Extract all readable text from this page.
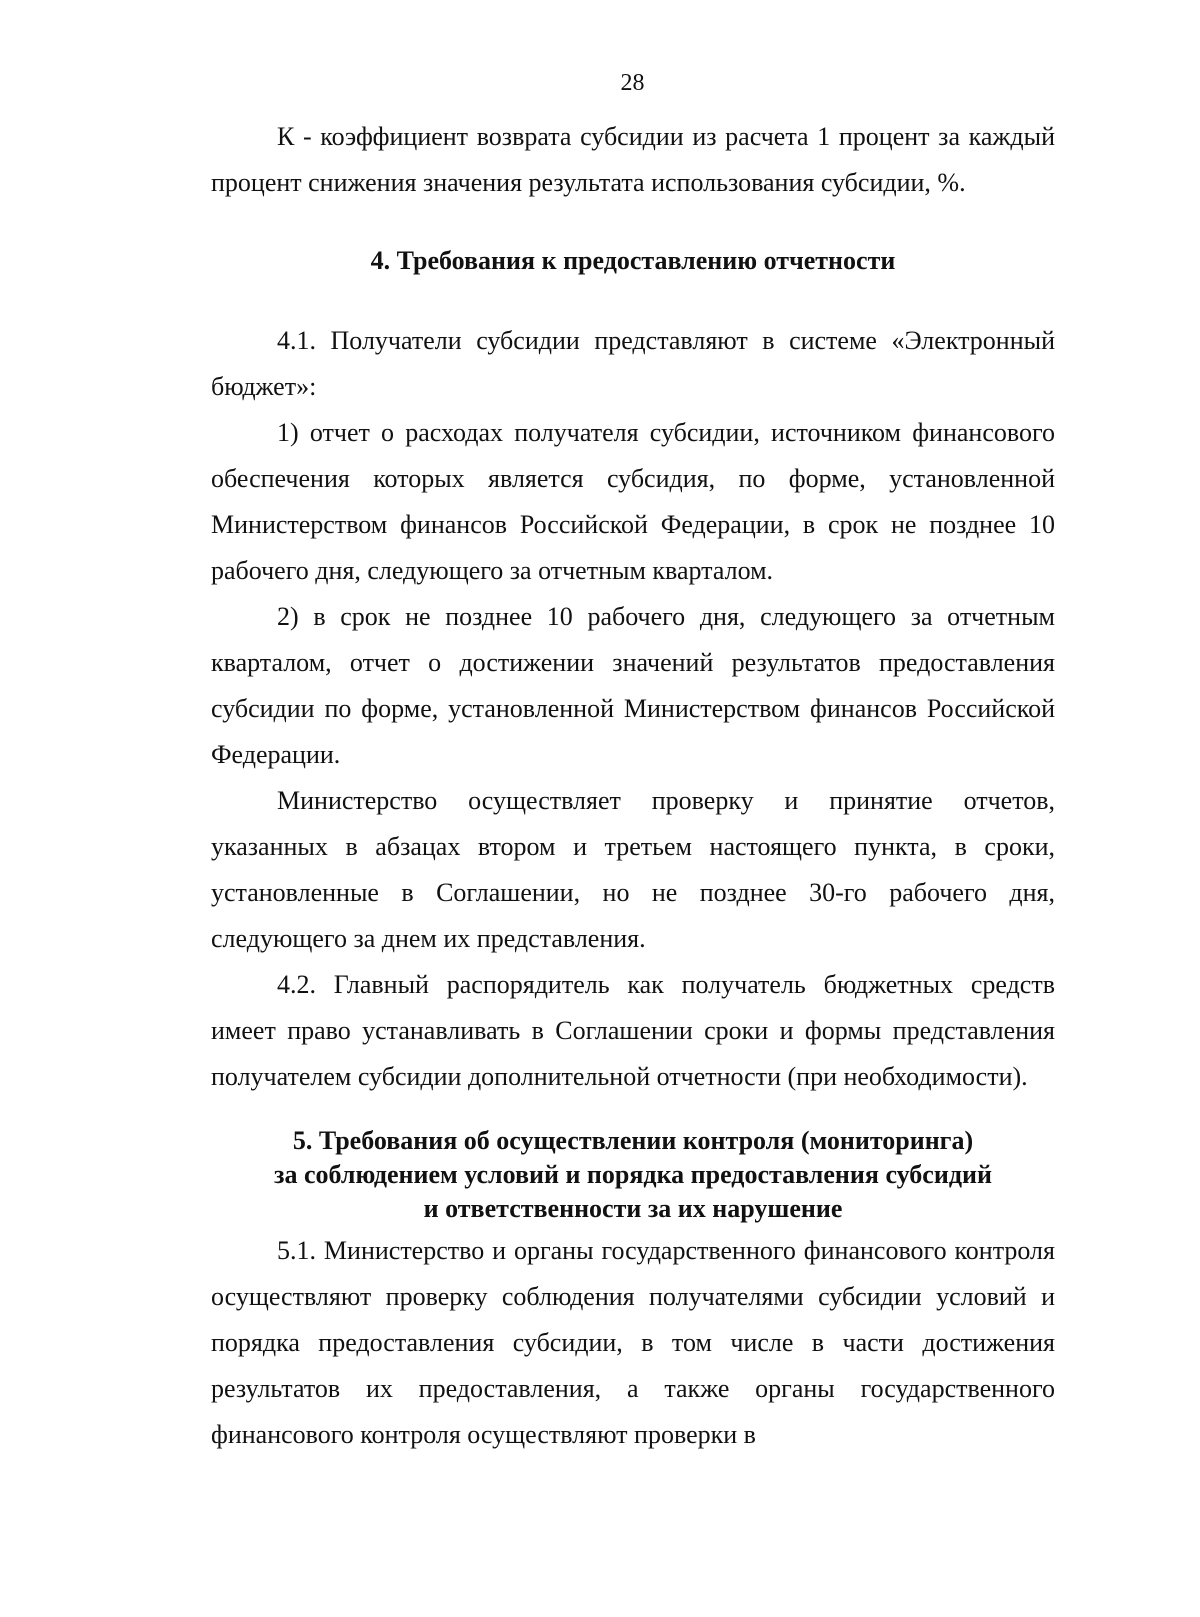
28

К - коэффициент возврата субсидии из расчета 1 процент за каждый процент снижения значения результата использования субсидии, %.

4. Требования к предоставлению отчетности

4.1. Получатели субсидии представляют в системе «Электронный бюджет»:

1) отчет о расходах получателя субсидии, источником финансового обеспечения которых является субсидия, по форме, установленной Министерством финансов Российской Федерации, в срок не позднее 10 рабочего дня, следующего за отчетным кварталом.

2) в срок не позднее 10 рабочего дня, следующего за отчетным кварталом, отчет о достижении значений результатов предоставления субсидии по форме, установленной Министерством финансов Российской Федерации.

Министерство осуществляет проверку и принятие отчетов, указанных в абзацах втором и третьем настоящего пункта, в сроки, установленные в Соглашении, но не позднее 30-го рабочего дня, следующего за днем их представления.

4.2. Главный распорядитель как получатель бюджетных средств имеет право устанавливать в Соглашении сроки и формы представления получателем субсидии дополнительной отчетности (при необходимости).

5. Требования об осуществлении контроля (мониторинга)
за соблюдением условий и порядка предоставления субсидий
и ответственности за их нарушение

5.1. Министерство и органы государственного финансового контроля осуществляют проверку соблюдения получателями субсидии условий и порядка предоставления субсидии, в том числе в части достижения результатов их предоставления, а также органы государственного финансового контроля осуществляют проверки в
